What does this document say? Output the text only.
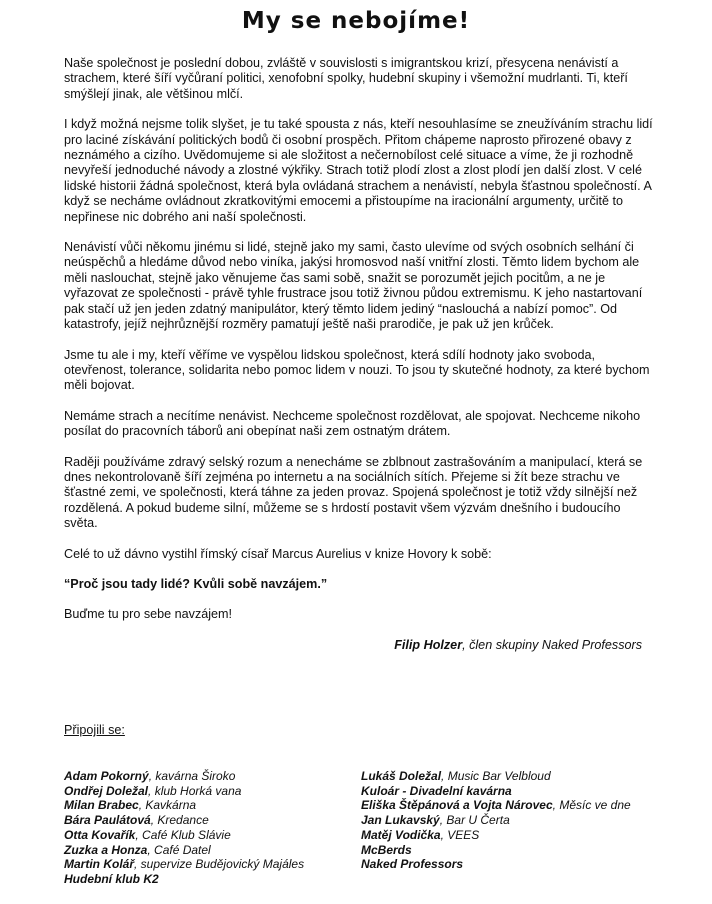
My se nebojíme!

Naše společnost je poslední dobou, zvláště v souvislosti s imigrantskou krizí, přesycena nenávistí a strachem, které šíří vyčůraní politici, xenofobní spolky, hudební skupiny i všemožní mudrlanti. Ti, kteří smýšlejí jinak, ale většinou mlčí.

I když možná nejsme tolik slyšet, je tu také spousta z nás, kteří nesouhlasíme se zneužíváním strachu lidí pro laciné získávání politických bodů či osobní prospěch. Přitom chápeme naprosto přirozené obavy z neznámého a cizího. Uvědomujeme si ale složitost a nečernobílost celé situace a víme, že ji rozhodně nevyřeší jednoduché návody a zlostné výkřiky. Strach totiž plodí zlost a zlost plodí jen další zlost. V celé lidské historii žádná společnost, která byla ovládaná strachem a nenávistí, nebyla šťastnou společností. A když se necháme ovládnout zkratkovitými emocemi a přistoupíme na iracionální argumenty, určitě to nepřinese nic dobrého ani naší společnosti.

Nenávistí vůči někomu jinému si lidé, stejně jako my sami, často ulevíme od svých osobních selhání či neúspěchů a hledáme důvod nebo viníka, jakýsi hromosvod naší vnitřní zlosti. Těmto lidem bychom ale měli naslouchat, stejně jako věnujeme čas sami sobě, snažit se porozumět jejich pocitům, a ne je vyřazovat ze společnosti - právě tyhle frustrace jsou totiž živnou půdou extremismu. K jeho nastartovaní pak stačí už jen jeden zdatný manipulátor, který těmto lidem jediný “naslouchá a nabízí pomoc”. Od katastrofy, jejíž nejhrůznější rozměry pamatují ještě naši prarodiče, je pak už jen krůček.

Jsme tu ale i my, kteří věříme ve vyspělou lidskou společnost, která sdílí hodnoty jako svoboda, otevřenost, tolerance, solidarita nebo pomoc lidem v nouzi. To jsou ty skutečné hodnoty, za které bychom měli bojovat.

Nemáme strach a necítíme nenávist. Nechceme společnost rozdělovat, ale spojovat. Nechceme nikoho posílat do pracovních táborů ani obepínat naši zem ostnatým drátem.

Raději používáme zdravý selský rozum a nenecháme se zblbnout zastrašováním a manipulací, která se dnes nekontrolovaně šíří zejména po internetu a na sociálních sítích. Přejeme si žít beze strachu ve šťastné zemi, ve společnosti, která táhne za jeden provaz. Spojená společnost je totiž vždy silnější než rozdělená. A pokud budeme silní, můžeme se s hrdostí postavit všem výzvám dnešního i budoucího světa.

Celé to už dávno vystihl římský císař Marcus Aurelius v knize Hovory k sobě:

“Proč jsou tady lidé? Kvůli sobě navzájem.”

Buďme tu pro sebe navzájem!

Filip Holzer, člen skupiny Naked Professors

Připojili se:

Adam Pokorný, kavárna Široko

Ondřej Doležal, klub Horká vana

Milan Brabec, Kavkárna

Bára Paulátová, Kredance

Otta Kovařík, Café Klub Slávie

Zuzka a Honza, Café Datel

Martin Kolář, supervize Budějovický Majáles

Hudební klub K2

Lukáš Doležal, Music Bar Velbloud

Kuloár - Divadelní kavárna

Eliška Štěpánová a Vojta Nárovec, Měsíc ve dne

Jan Lukavský, Bar U Čerta

Matěj Vodička, VEES

McBerds

Naked Professors
